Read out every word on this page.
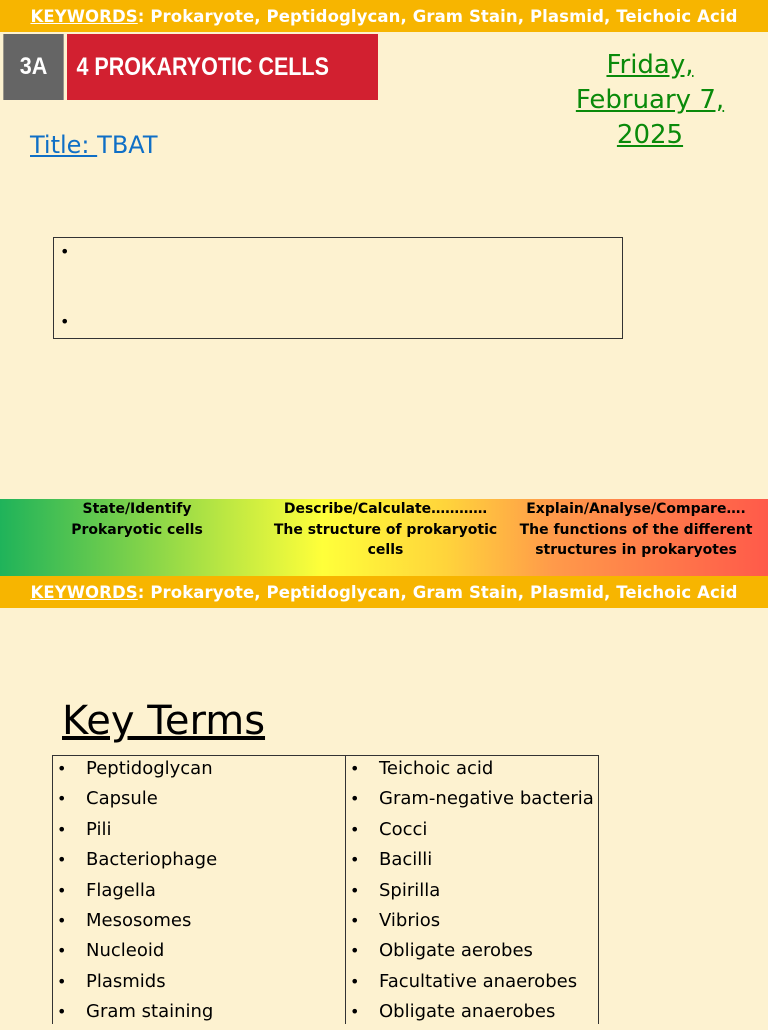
KEYWORDS : Prokaryote, Peptidoglycan, Gram Stain, Plasmid, Teichoic Acid
3A	4 PROKARYOTIC CELLS	Friday,
February 7,
2025
Title: TBAT
•
•
State/Identify
Prokaryotic cells
Describe/Calculate…………
The structure of prokaryotic cells
Explain/Analyse/Compare….
The functions of the different structures in prokaryotes
KEYWORDS : Prokaryote, Peptidoglycan, Gram Stain, Plasmid, Teichoic Acid
Key Terms
• Peptidoglycan
• Capsule
• Pili
• Bacteriophage
• Flagella
• Mesosomes
• Nucleoid
• Plasmids
• Gram staining
• Teichoic acid
• Gram-negative bacteria
• Cocci
• Bacilli
• Spirilla
• Vibrios
• Obligate aerobes
• Facultative anaerobes
• Obligate anaerobes
